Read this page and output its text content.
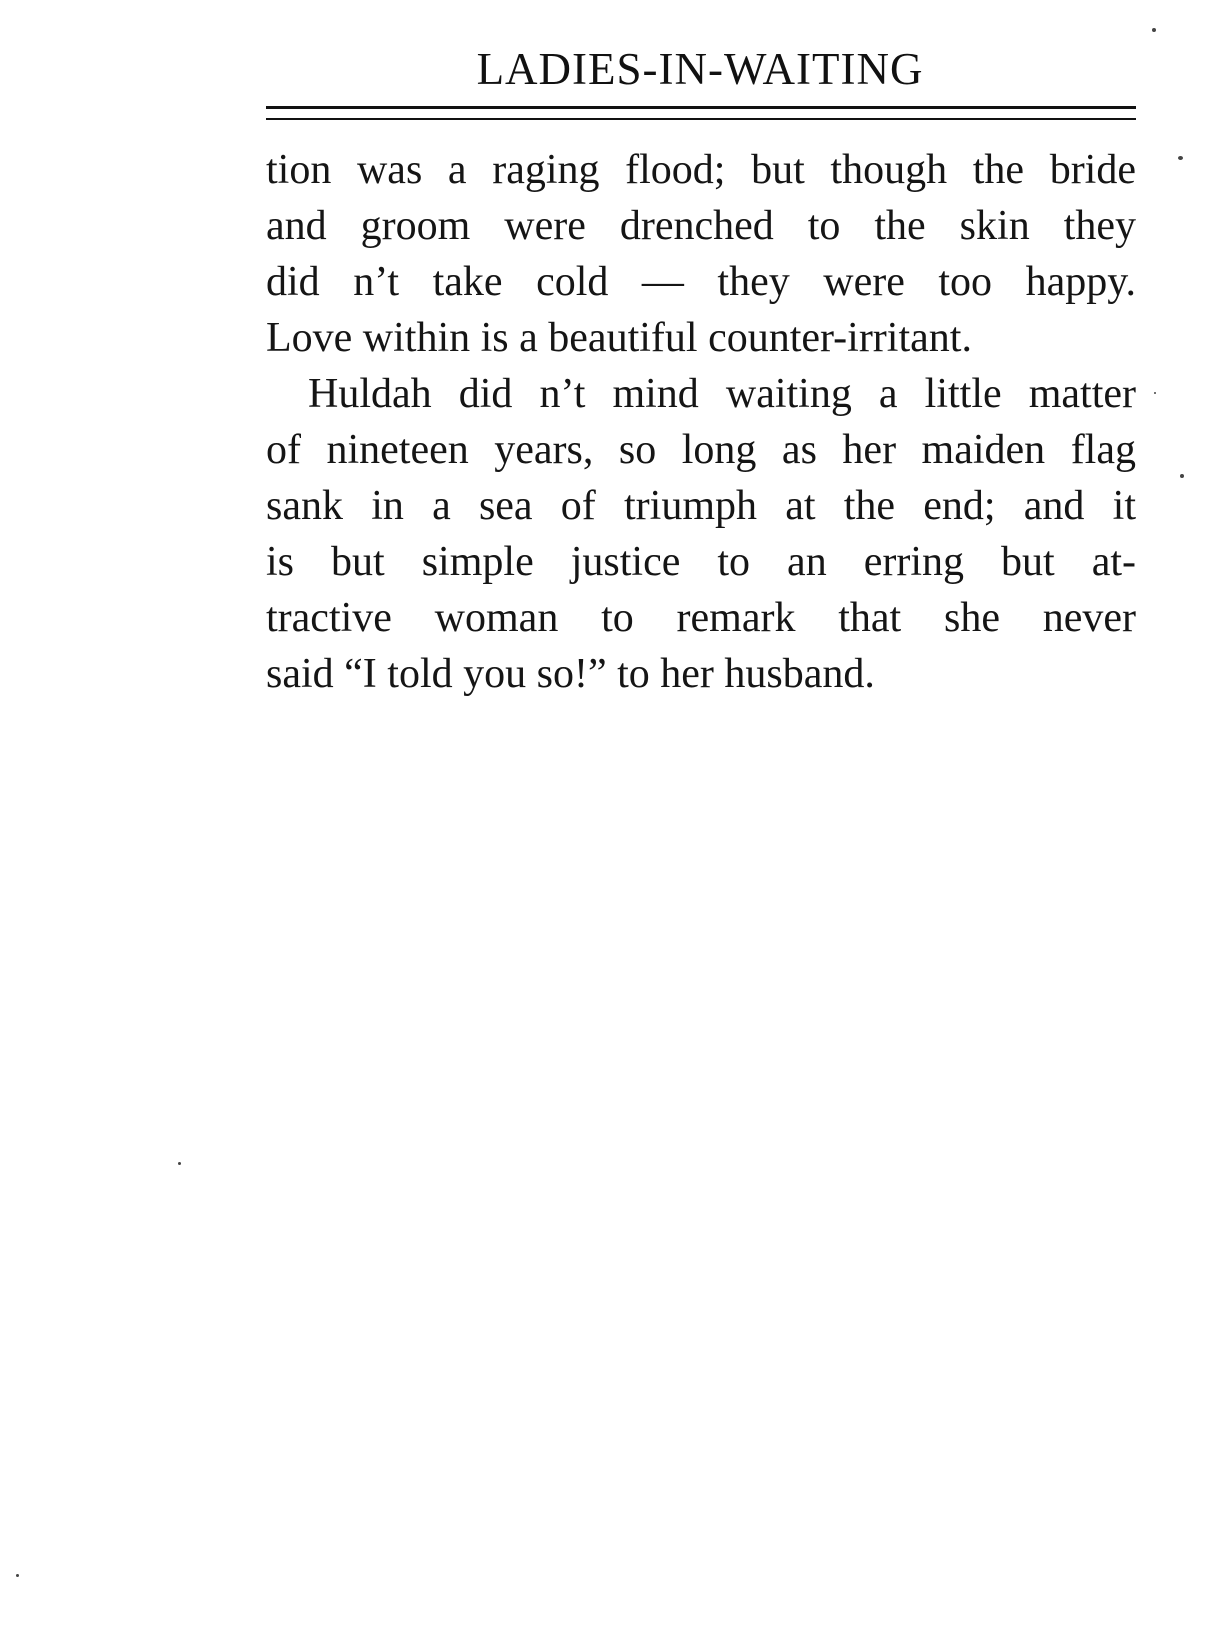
LADIES-IN-WAITING
tion was a raging flood; but though the bride
and groom were drenched to the skin they
did n’t take cold — they were too happy.
Love within is a beautiful counter-irritant.
Huldah did n’t mind waiting a little matter
of nineteen years, so long as her maiden flag
sank in a sea of triumph at the end; and it
is but simple justice to an erring but at-
tractive woman to remark that she never
said “I told you so!” to her husband.
